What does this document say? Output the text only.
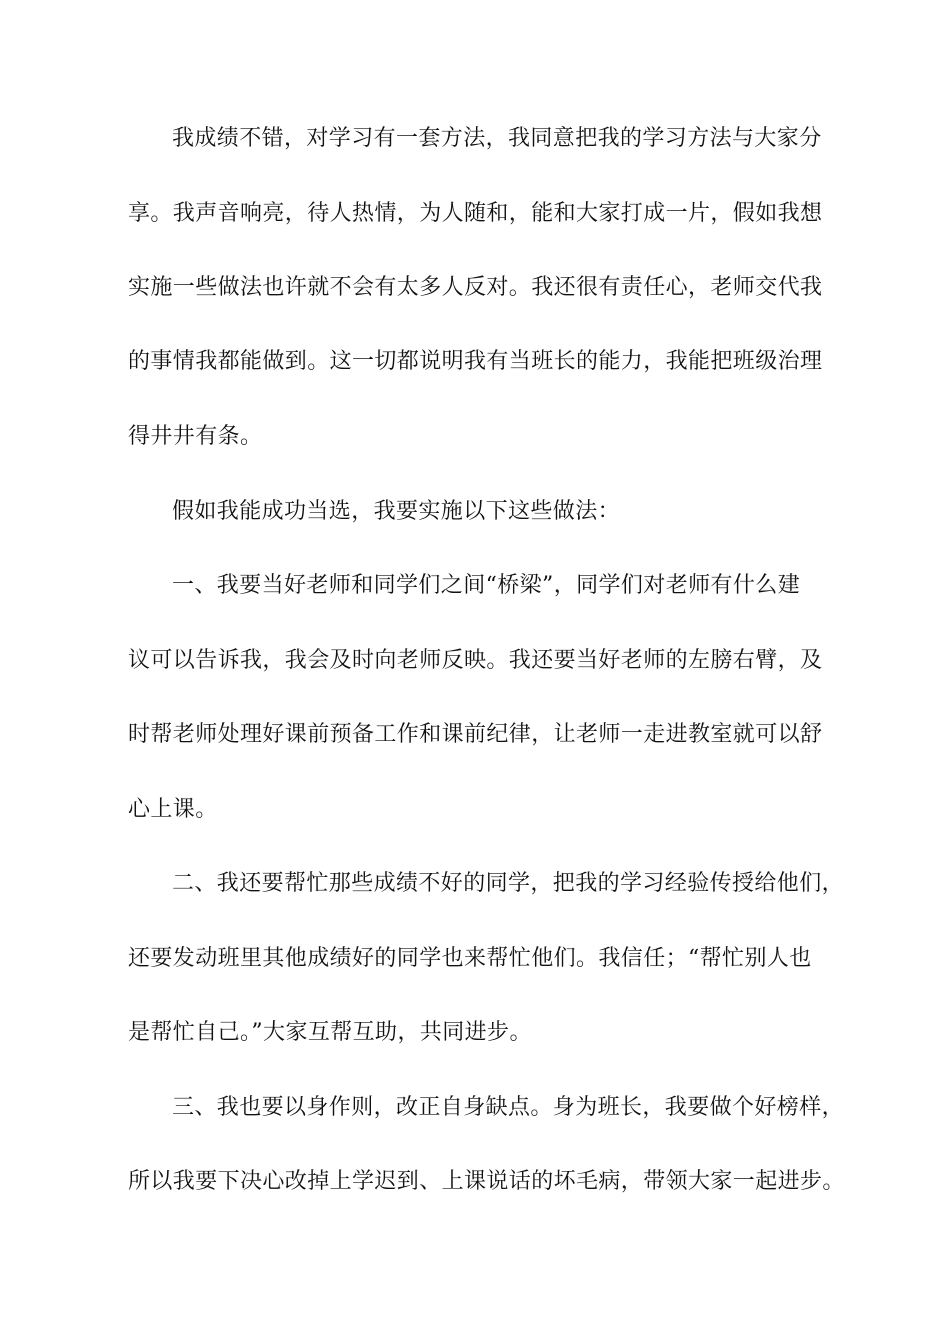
我成绩不错，对学习有一套方法，我同意把我的学习方法与大家分

享。我声音响亮，待人热情，为人随和，能和大家打成一片，假如我想

实施一些做法也许就不会有太多人反对。我还很有责任心，老师交代我

的事情我都能做到。这一切都说明我有当班长的能力，我能把班级治理

得井井有条。

假如我能成功当选，我要实施以下这些做法：

一、我要当好老师和同学们之间“桥梁”，同学们对老师有什么建

议可以告诉我，我会及时向老师反映。我还要当好老师的左膀右臂，及

时帮老师处理好课前预备工作和课前纪律，让老师一走进教室就可以舒

心上课。

二、我还要帮忙那些成绩不好的同学，把我的学习经验传授给他们，

还要发动班里其他成绩好的同学也来帮忙他们。我信任；“帮忙别人也

是帮忙自己。”大家互帮互助，共同进步。

三、我也要以身作则，改正自身缺点。身为班长，我要做个好榜样，

所以我要下决心改掉上学迟到、上课说话的坏毛病，带领大家一起进步。
